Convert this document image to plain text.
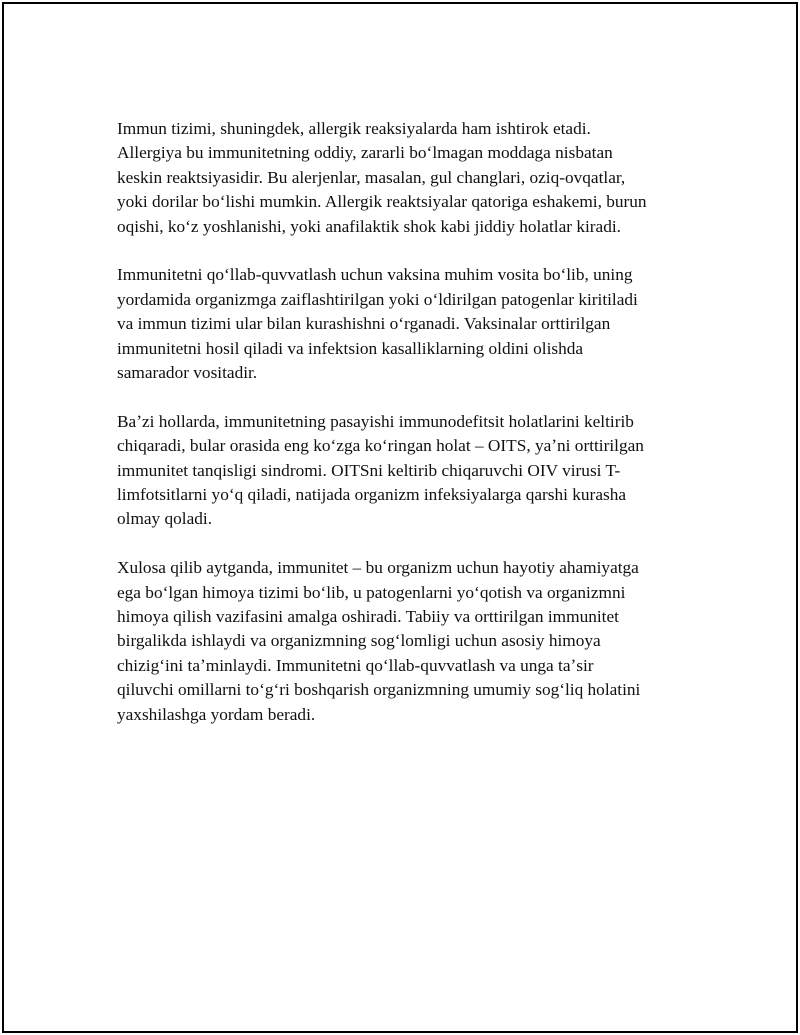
Immun tizimi, shuningdek, allergik reaksiyalarda ham ishtirok etadi.
Allergiya bu immunitetning oddiy, zararli boʻlmagan moddaga nisbatan
keskin reaktsiyasidir. Bu alerjenlar, masalan, gul changlari, oziq-ovqatlar,
yoki dorilar boʻlishi mumkin. Allergik reaktsiyalar qatoriga eshakemi, burun
oqishi, koʻz yoshlanishi, yoki anafilaktik shok kabi jiddiy holatlar kiradi.

Immunitetni qoʻllab-quvvatlash uchun vaksina muhim vosita boʻlib, uning
yordamida organizmga zaiflashtirilgan yoki oʻldirilgan patogenlar kiritiladi
va immun tizimi ular bilan kurashishni oʻrganadi. Vaksinalar orttirilgan
immunitetni hosil qiladi va infektsion kasalliklarning oldini olishda
samarador vositadir.

Baʼzi hollarda, immunitetning pasayishi immunodefitsit holatlarini keltirib
chiqaradi, bular orasida eng koʻzga koʻringan holat – OITS, yaʼni orttirilgan
immunitet tanqisligi sindromi. OITSni keltirib chiqaruvchi OIV virusi T-
limfotsitlarni yoʻq qiladi, natijada organizm infeksiyalarga qarshi kurasha
olmay qoladi.

Xulosa qilib aytganda, immunitet – bu organizm uchun hayotiy ahamiyatga
ega boʻlgan himoya tizimi boʻlib, u patogenlarni yoʻqotish va organizmni
himoya qilish vazifasini amalga oshiradi. Tabiiy va orttirilgan immunitet
birgalikda ishlaydi va organizmning sogʻlomligi uchun asosiy himoya
chizigʻini taʼminlaydi. Immunitetni qoʻllab-quvvatlash va unga taʼsir
qiluvchi omillarni toʻgʻri boshqarish organizmning umumiy sogʻliq holatini
yaxshilashga yordam beradi.
